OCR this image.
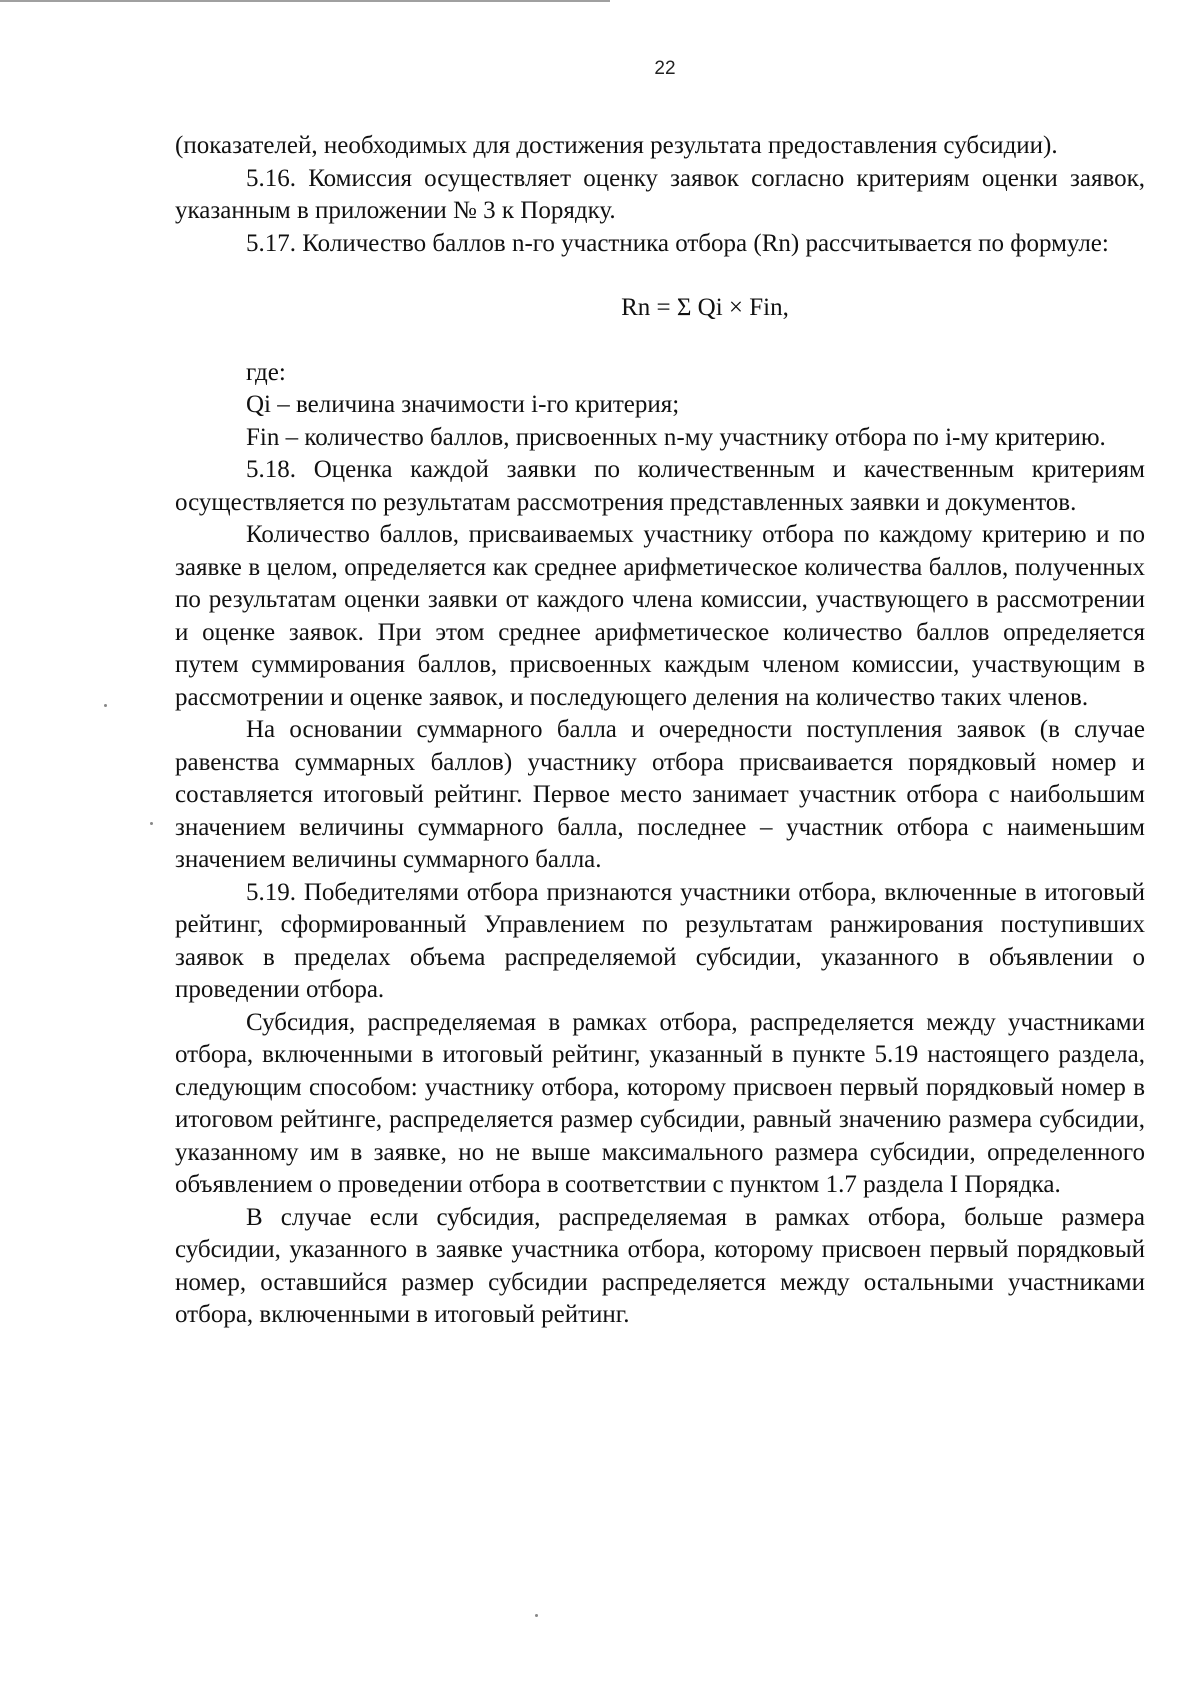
22

(показателей, необходимых для достижения результата предоставления субсидии).

5.16. Комиссия осуществляет оценку заявок согласно критериям оценки заявок, указанным в приложении № 3 к Порядку.

5.17. Количество баллов n-го участника отбора (Rn) рассчитывается по формуле:

Rn = Σ Qi × Fin,

где:

Qi – величина значимости i-го критерия;

Fin – количество баллов, присвоенных n-му участнику отбора по i-му критерию.

5.18. Оценка каждой заявки по количественным и качественным критериям осуществляется по результатам рассмотрения представленных заявки и документов.

Количество баллов, присваиваемых участнику отбора по каждому критерию и по заявке в целом, определяется как среднее арифметическое количества баллов, полученных по результатам оценки заявки от каждого члена комиссии, участвующего в рассмотрении и оценке заявок. При этом среднее арифметическое количество баллов определяется путем суммирования баллов, присвоенных каждым членом комиссии, участвующим в рассмотрении и оценке заявок, и последующего деления на количество таких членов.

На основании суммарного балла и очередности поступления заявок (в случае равенства суммарных баллов) участнику отбора присваивается порядковый номер и составляется итоговый рейтинг. Первое место занимает участник отбора с наибольшим значением величины суммарного балла, последнее – участник отбора с наименьшим значением величины суммарного балла.

5.19. Победителями отбора признаются участники отбора, включенные в итоговый рейтинг, сформированный Управлением по результатам ранжирования поступивших заявок в пределах объема распределяемой субсидии, указанного в объявлении о проведении отбора.

Субсидия, распределяемая в рамках отбора, распределяется между участниками отбора, включенными в итоговый рейтинг, указанный в пункте 5.19 настоящего раздела, следующим способом: участнику отбора, которому присвоен первый порядковый номер в итоговом рейтинге, распределяется размер субсидии, равный значению размера субсидии, указанному им в заявке, но не выше максимального размера субсидии, определенного объявлением о проведении отбора в соответствии с пунктом 1.7 раздела I Порядка.

В случае если субсидия, распределяемая в рамках отбора, больше размера субсидии, указанного в заявке участника отбора, которому присвоен первый порядковый номер, оставшийся размер субсидии распределяется между остальными участниками отбора, включенными в итоговый рейтинг.
